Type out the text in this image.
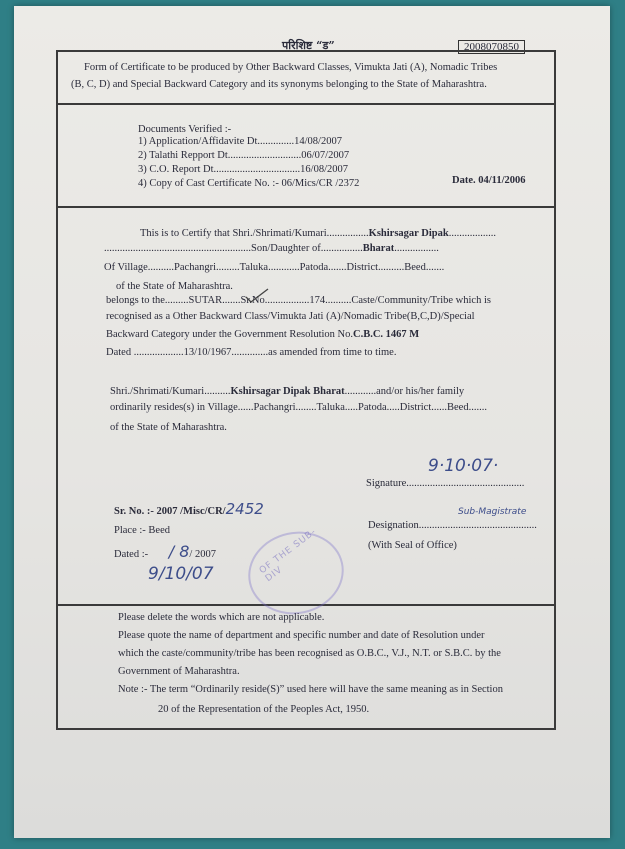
परिशिष्ट “ड”	2008070850
Form of Certificate to be produced by Other Backward Classes, Vimukta Jati (A), Nomadic Tribes
(B, C, D) and Special Backward Category and its synonyms belonging to the State of Maharashtra.
Documents Verified :-
1) Application/Affidavite Dt..............14/08/2007
2) Talathi Repport Dt............................06/07/2007
3) C.O. Report Dt.................................16/08/2007
4) Copy of Cast Certificate No. :- 06/Mics/CR /2372	Date. 04/11/2006
This is to Certify that Shri./Shrimati/Kumari................Kshirsagar Dipak..................
........................................................Son/Daughter of................Bharat.................
Of Village..........Pachangri.........Taluka............Patoda.......District..........Beed.......
of the State of Maharashtra.
belongs to the.........SUTAR.......Sr.No.................174..........Caste/Community/Tribe which is
recognised as a Other Backward Class/Vimukta Jati (A)/Nomadic Tribe(B,C,D)/Special
Backward Category under the Government Resolution No.C.B.C. 1467 M
Dated ...................13/10/1967..............as amended from time to time.
Shri./Shrimati/Kumari..........Kshirsagar Dipak Bharat............and/or his/her family
ordinarily resides(s) in Village......Pachangri........Taluka.....Patoda.....District......Beed.......
of the State of Maharashtra.
Signature.............................................
9·10·07·
Sr. No. :- 2007 /Misc/CR/2452
Place :- Beed
Dated :- / 8/ 2007
9/10/07
Designation.............................................
Sub-Magistrate
(With Seal of Office)
OF THE SUB-DIV
Please delete the words which are not applicable.
Please quote the name of department and specific number and date of Resolution under
which the caste/community/tribe has been recognised as O.B.C., V.J., N.T. or S.B.C. by the
Government of Maharashtra.
Note :- The term “Ordinarily reside(S)” used here will have the same meaning as in Section
20 of the Representation of the Peoples Act, 1950.
